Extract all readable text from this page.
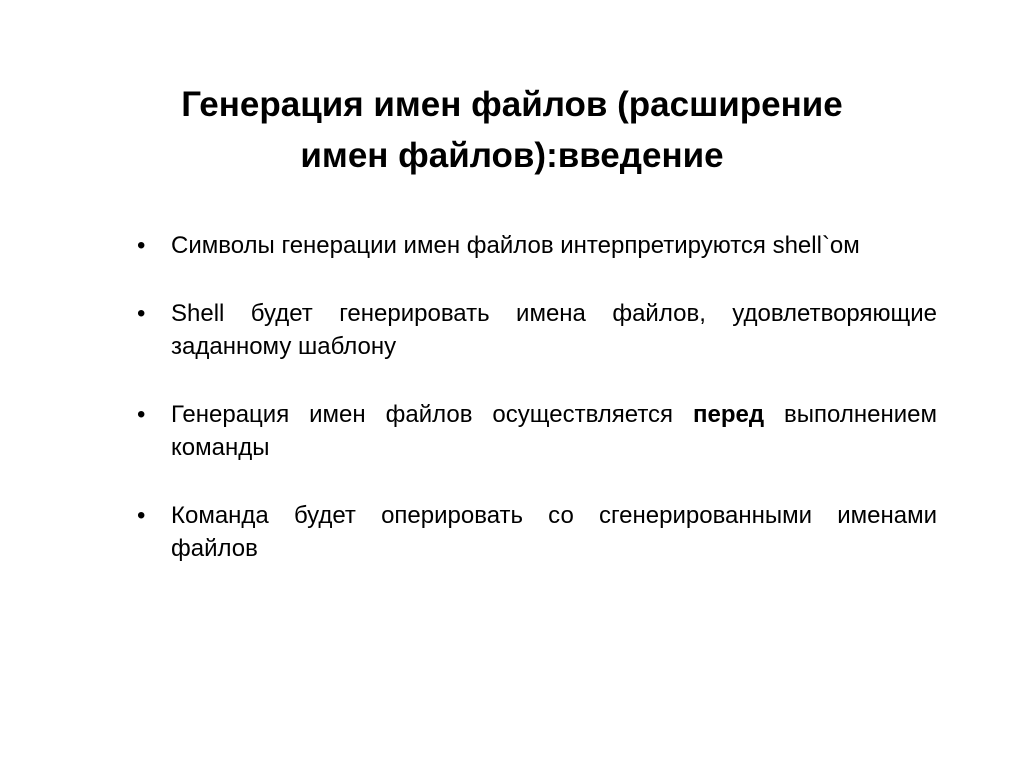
Генерация имен файлов (расширение
имен файлов):введение
•	Символы генерации имен файлов интерпретируются shell`ом
•	Shell будет генерировать имена файлов, удовлетворяющие заданному шаблону
•	Генерация имен файлов осуществляется перед выполнением команды
•	Команда будет оперировать со сгенерированными именами файлов
